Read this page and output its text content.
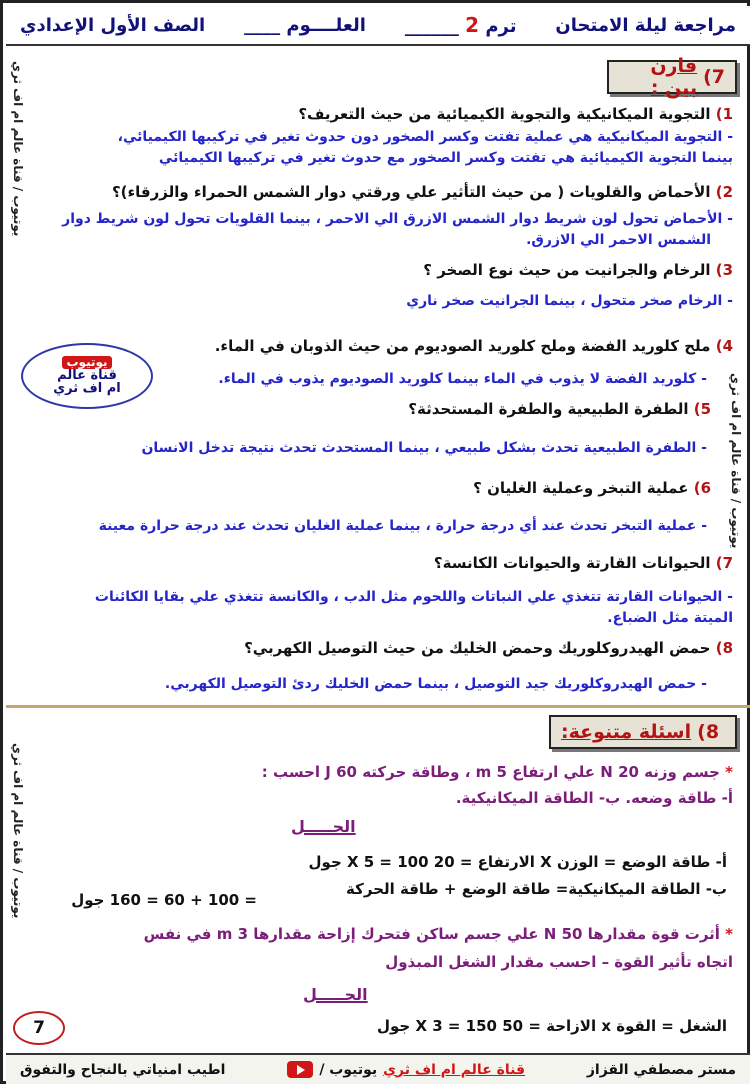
الصف الأول الإعدادي العلــــوم ____	ترم 2 ______	مراجعة ليلة الامتحان
يوتيوب / قناة عالم ام اف ثري
يوتيوب / قناة عالم ام اف ثري
يوتيوب / قناة عالم ام اف ثري
7)
قارن بين :
1) التجوية الميكانيكية والتجوية الكيميائية من حيث التعريف؟
- التجوية الميكانيكية هي عملية تفتت وكسر الصخور دون حدوث تغير في تركيبها الكيميائي،
بينما التجوية الكيميائية هي تفتت وكسر الصخور مع حدوث تغير في تركيبها الكيميائي
2) الأحماض والقلويات ( من حيث التأثير علي ورقتي دوار الشمس الحمراء والزرقاء)؟
- الأحماض تحول لون شريط دوار الشمس الازرق الي الاحمر ، بينما القلويات تحول لون شريط دوار
الشمس الاحمر الي الازرق.
3) الرخام والجرانيت من حيث نوع الصخر ؟
- الرخام صخر متحول ، بينما الجرانيت صخر ناري
4) ملح كلوريد الفضة وملح كلوريد الصوديوم من حيث الذوبان في الماء.
- كلوريد الفضة لا يذوب في الماء بينما كلوريد الصوديوم يذوب في الماء.
5) الطفرة الطبيعية والطفرة المستحدثة؟
- الطفرة الطبيعية تحدث بشكل طبيعي ، بينما المستحدث تحدث نتيجة تدخل الانسان
6) عملية التبخر وعملية الغليان ؟
- عملية التبخر تحدث عند أي درجة حرارة ، بينما عملية الغليان تحدث عند درجة حرارة معينة
7) الحيوانات القارتة والحيوانات الكانسة؟
- الحيوانات القارتة تتغذي علي النباتات واللحوم مثل الدب ، والكانسة تتغذي علي بقايا الكائنات
الميتة مثل الضباع.
8) حمض الهيدروكلوريك وحمض الخليك من حيث التوصيل الكهربي؟
- حمض الهيدروكلوريك جيد التوصيل ، بينما حمض الخليك ردئ التوصيل الكهربي.
يوتيوب
قناة عالم
ام اف ثري
8)
اسئلة متنوعة:
* جسم وزنه 20 N علي ارتفاع 5 m ، وطاقة حركته 60 J احسب :
أ- طاقة وضعه. ب- الطاقة الميكانيكية.
الحـــــل
أ- طاقة الوضع = الوزن X الارتفاع = 20 X 5 = 100 جول
ب- الطاقة الميكانيكية= طاقة الوضع + طاقة الحركة
= 100 + 60 = 160 جول
* أثرت قوة مقدارها 50 N علي جسم ساكن فتحرك إزاحة مقدارها 3 m في نفس
اتجاه تأثير القوة – احسب مقدار الشغل المبذول
الحـــــل
الشغل = القوة x الازاحة = 50 X 3 = 150 جول
7
اطيب امنياتي بالنجاح والتفوق	يوتيوب / قناة عالم ام اف ثري	مستر مصطفي القزاز
